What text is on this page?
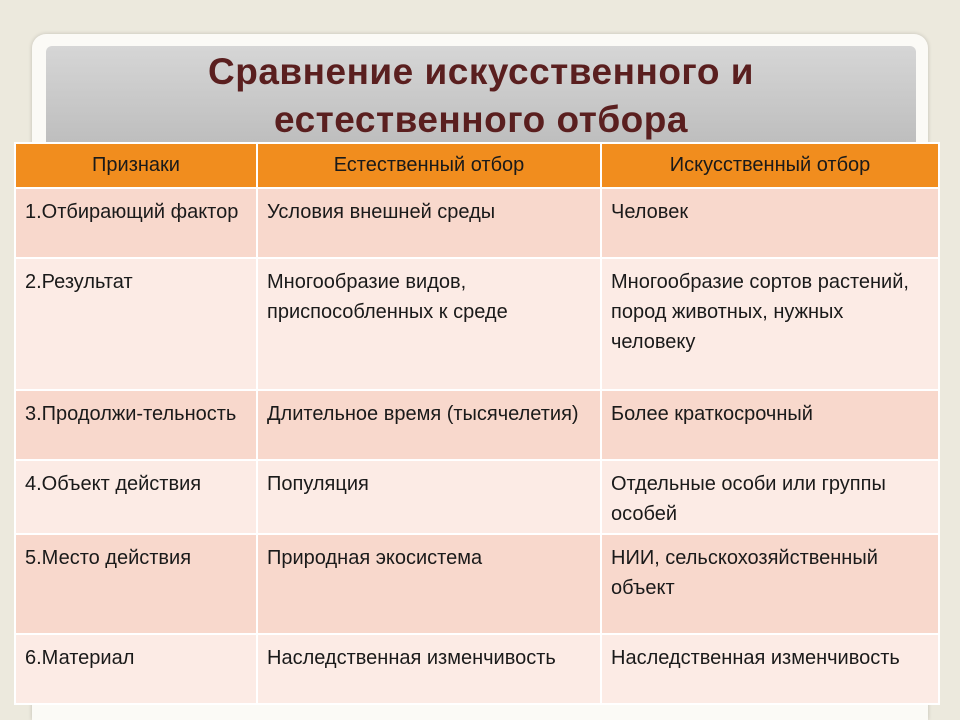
Сравнение искусственного и
естественного отбора
Признаки	Естественный отбор	Искусственный отбор
1.Отбирающий фактор	Условия внешней среды	Человек
2.Результат	Многообразие видов, приспособленных к среде	Многообразие сортов растений, пород животных, нужных человеку
3.Продолжи-тельность	Длительное время (тысячелетия)	Более краткосрочный
4.Объект действия	Популяция	Отдельные особи или группы особей
5.Место действия	Природная экосистема	НИИ, сельскохозяйственный объект
6.Материал	Наследственная изменчивость	Наследственная изменчивость
